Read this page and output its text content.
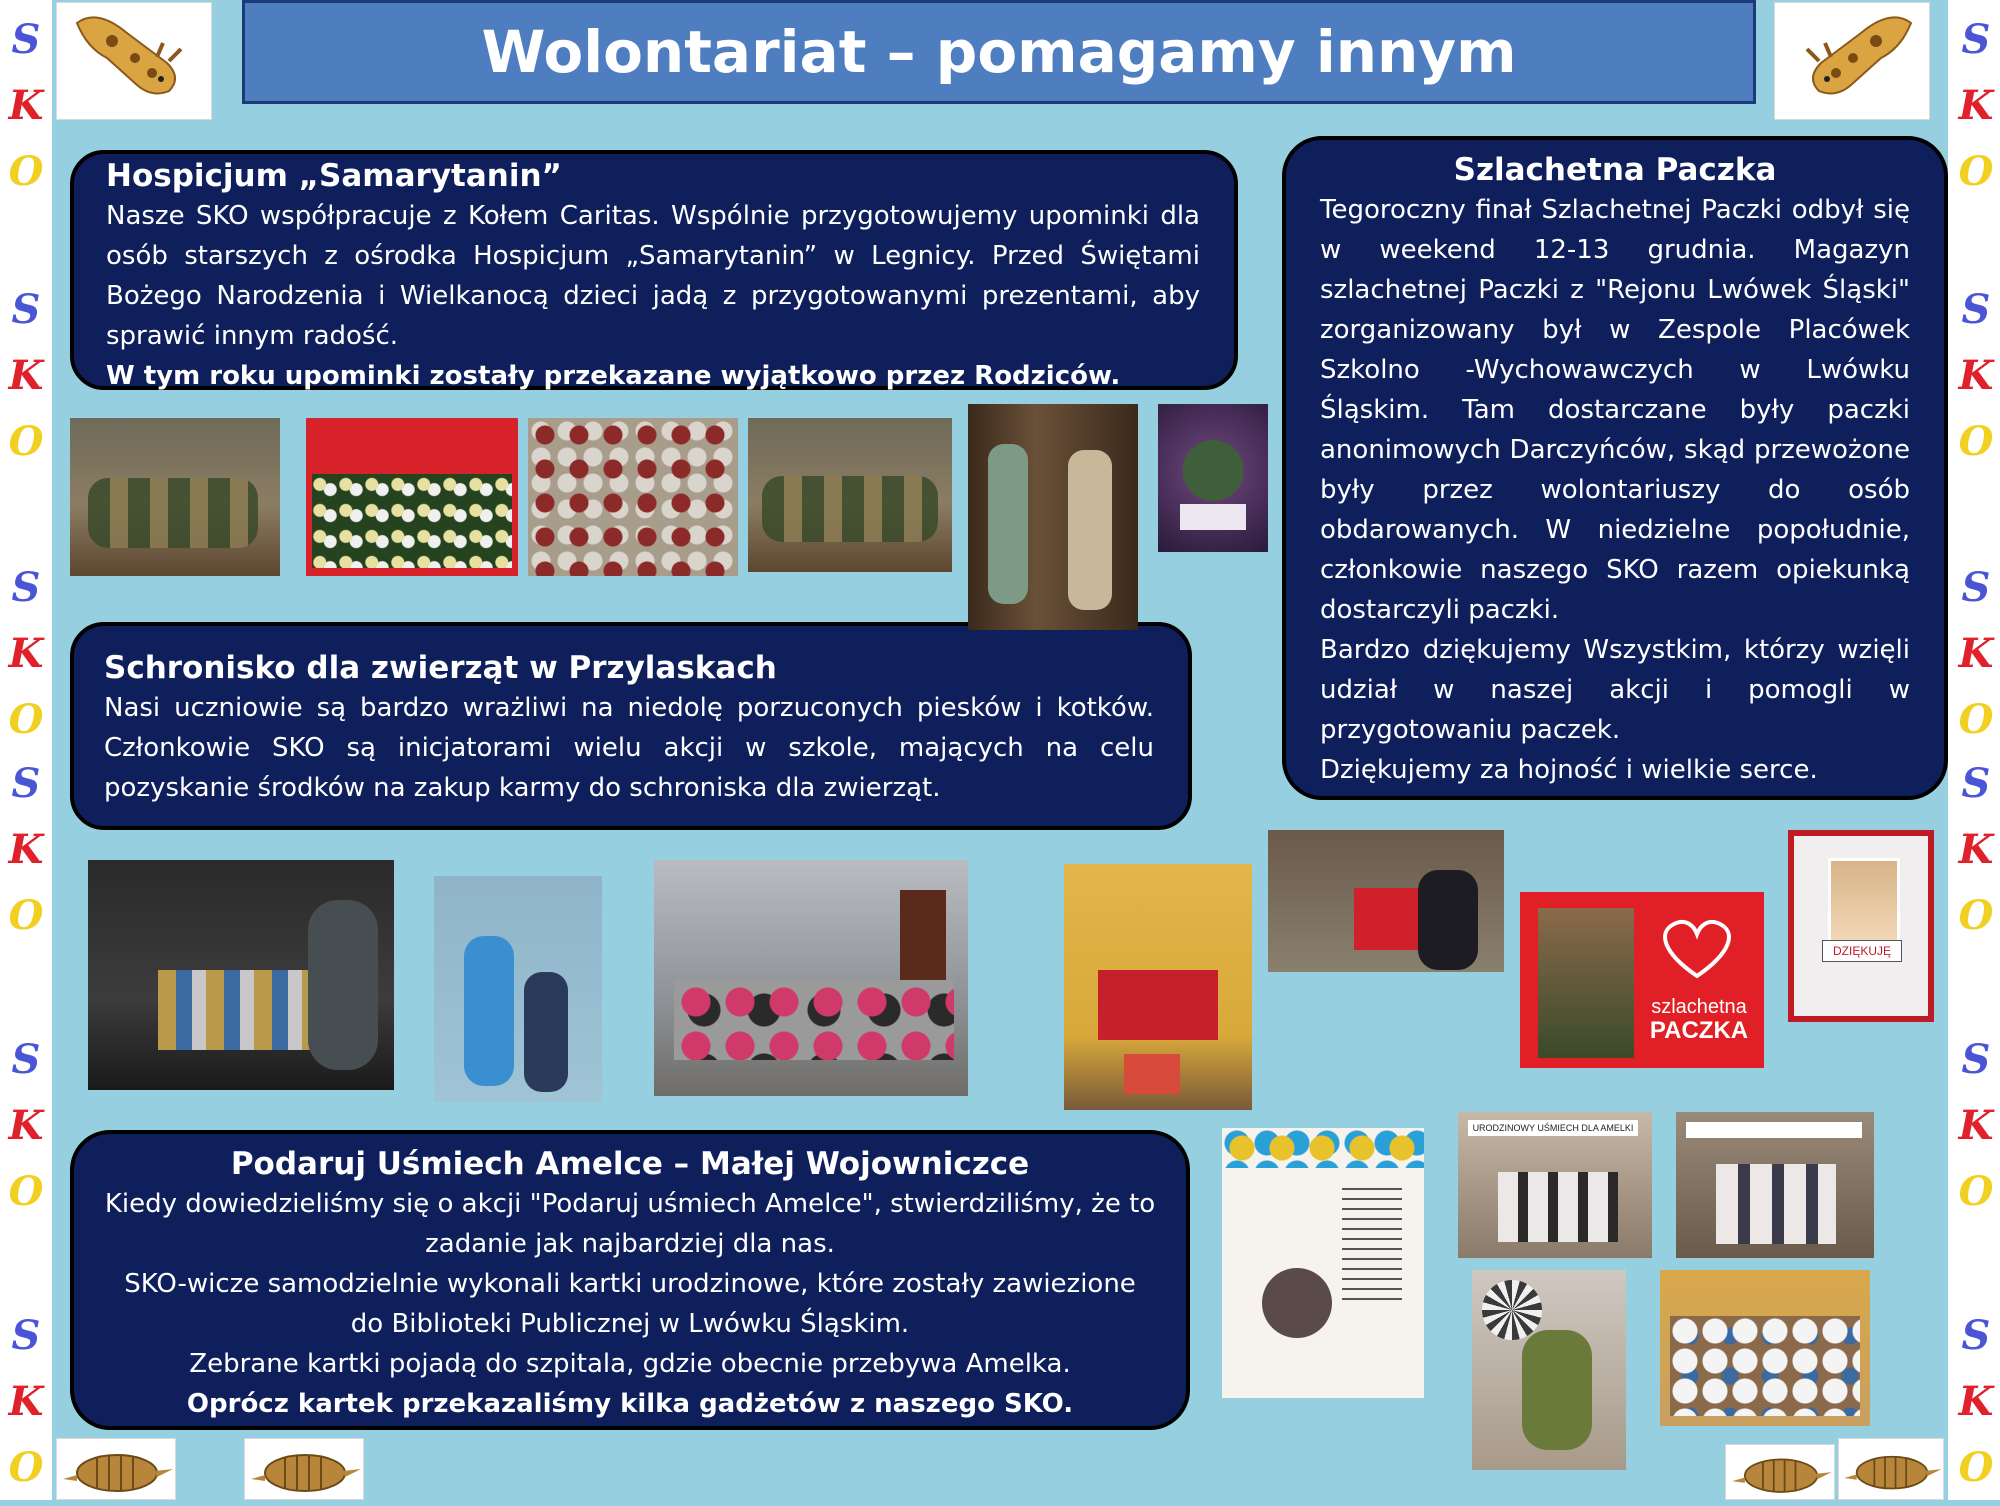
S
K
O
S
K
O
S
K
O
S
K
O
S
K
O
S
K
O
S
K
O
S
K
O
S
K
O
S
K
O
S
K
O
S
K
O
Wolontariat – pomagamy innym
Hospicjum „Samarytanin”

Nasze SKO współpracuje z Kołem Caritas. Wspólnie przygotowujemy upominki dla osób starszych z ośrodka Hospicjum „Samarytanin” w Legnicy. Przed Świętami Bożego Narodzenia i Wielkanocą dzieci jadą z przygotowanymi prezentami, aby sprawić innym radość.

W tym roku upominki zostały przekazane wyjątkowo przez Rodziców.

Szlachetna Paczka

Tegoroczny finał Szlachetnej Paczki odbył się w weekend 12-13 grudnia. Magazyn szlachetnej Paczki z "Rejonu Lwówek Śląski" zorganizowany był w Zespole Placówek Szkolno -Wychowawczych w Lwówku Śląskim. Tam dostarczane były paczki anonimowych Darczyńców, skąd przewożone były przez wolontariuszy do osób obdarowanych. W niedzielne popołudnie, członkowie naszego SKO razem opiekunką dostarczyli paczki.

Bardzo dziękujemy Wszystkim, którzy wzięli udział w naszej akcji i pomogli w przygotowaniu paczek.

Dziękujemy za hojność i wielkie serce.

Schronisko dla zwierząt w Przylaskach

Nasi uczniowie są bardzo wrażliwi na niedolę porzuconych piesków i kotków. Członkowie SKO są inicjatorami wielu akcji w szkole, mających na celu pozyskanie środków na zakup karmy do schroniska dla zwierząt.

Podaruj Uśmiech Amelce – Małej Wojowniczce

Kiedy dowiedzieliśmy się o akcji "Podaruj uśmiech Amelce", stwierdziliśmy, że to zadanie jak najbardziej dla nas.

SKO-wicze samodzielnie wykonali kartki urodzinowe, które zostały zawiezione do Biblioteki Publicznej w Lwówku Śląskim.

Zebrane kartki pojadą do szpitala, gdzie obecnie przebywa Amelka.

Oprócz kartek przekazaliśmy kilka gadżetów z naszego SKO.

szlachetna
PACZKA
DZIĘKUJĘ
URODZINOWY UŚMIECH DLA AMELKI
